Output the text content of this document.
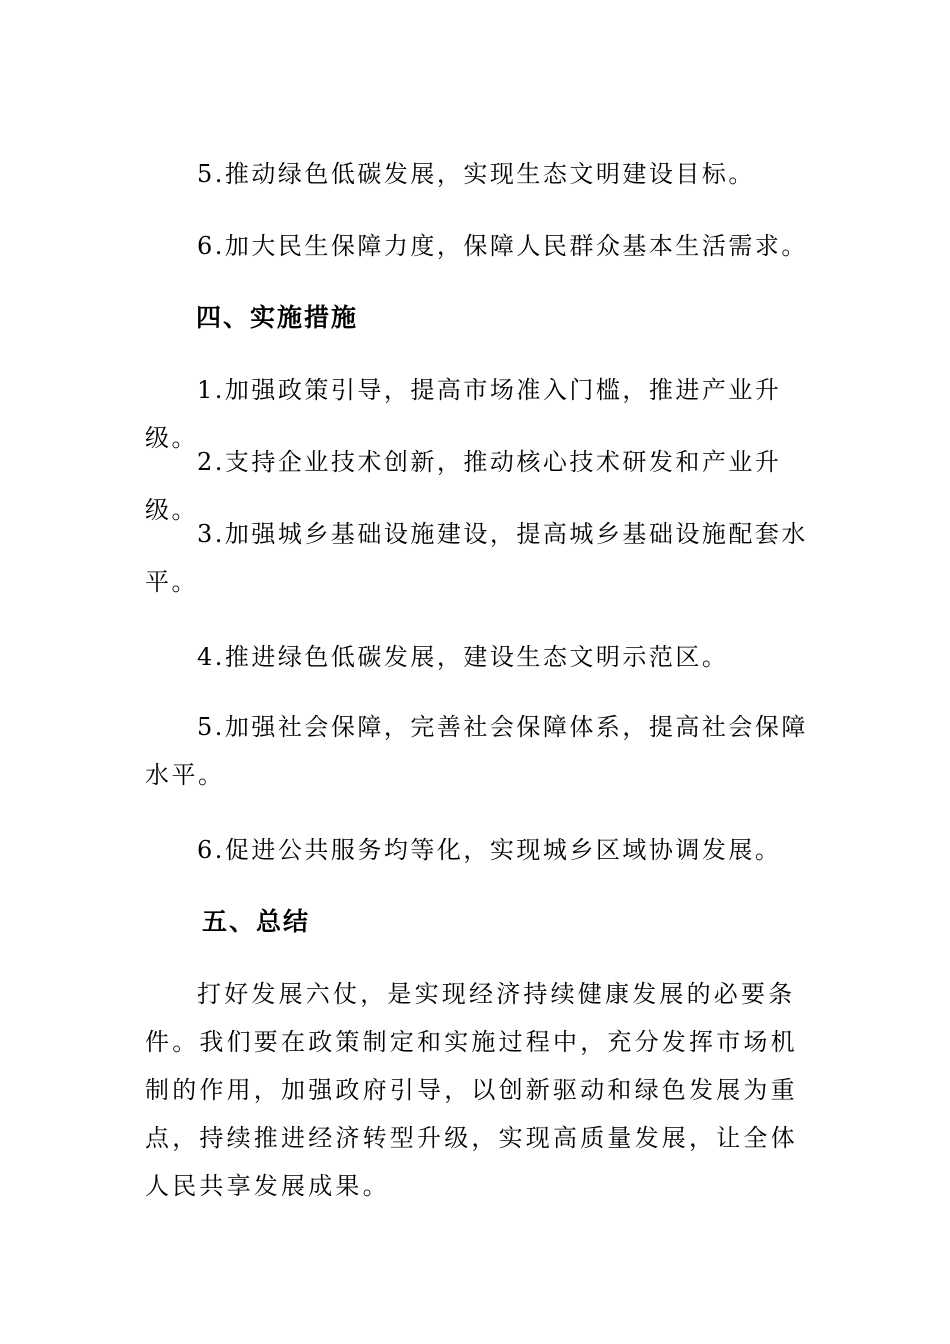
5.推动绿色低碳发展，实现生态文明建设目标。

6.加大民生保障力度，保障人民群众基本生活需求。

四、实施措施

1.加强政策引导，提高市场准入门槛，推进产业升级。

2.支持企业技术创新，推动核心技术研发和产业升级。

3.加强城乡基础设施建设，提高城乡基础设施配套水平。

4.推进绿色低碳发展，建设生态文明示范区。

5.加强社会保障，完善社会保障体系，提高社会保障水平。

6.促进公共服务均等化，实现城乡区域协调发展。

五、总结

打好发展六仗，是实现经济持续健康发展的必要条件。我们要在政策制定和实施过程中，充分发挥市场机制的作用，加强政府引导，以创新驱动和绿色发展为重点，持续推进经济转型升级，实现高质量发展，让全体人民共享发展成果。
